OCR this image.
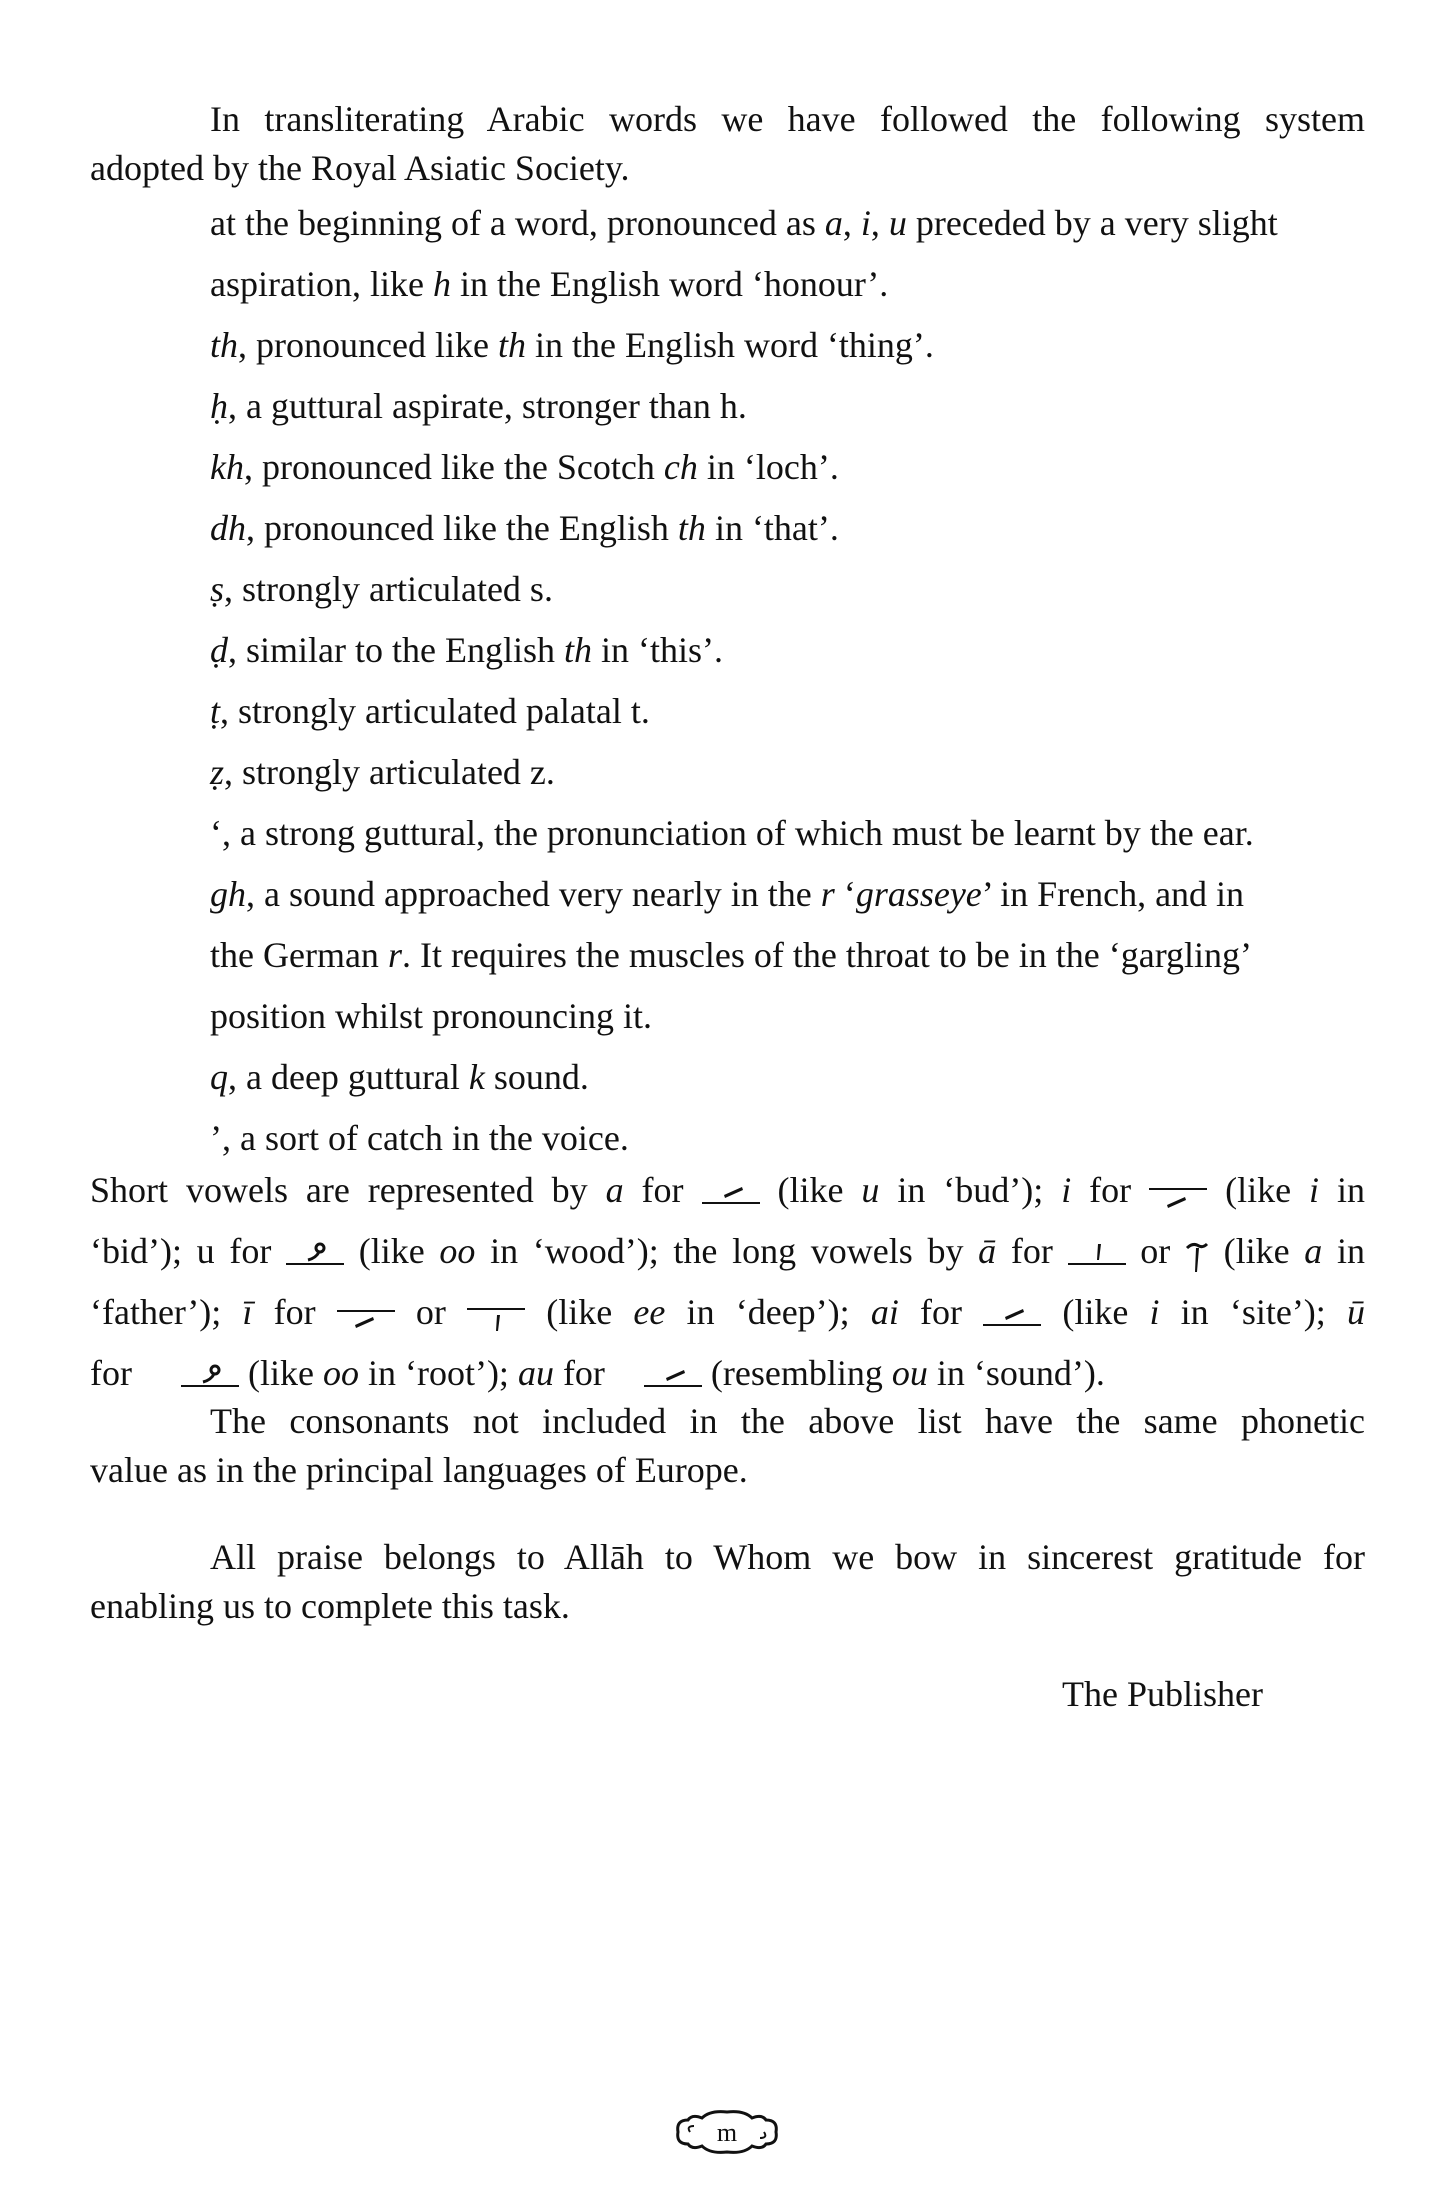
In transliterating Arabic words we have followed the following system
adopted by the Royal Asiatic Society.

at the beginning of a word, pronounced as a, i, u preceded by a very slight
aspiration, like h in the English word ‘honour’.
th, pronounced like th in the English word ‘thing’.
ḥ, a guttural aspirate, stronger than h.
kh, pronounced like the Scotch ch in ‘loch’.
dh, pronounced like the English th in ‘that’.
ṣ, strongly articulated s.
ḍ, similar to the English th in ‘this’.
ṭ, strongly articulated palatal t.
ẓ, strongly articulated z.
‘, a strong guttural, the pronunciation of which must be learnt by the ear.
gh, a sound approached very nearly in the r ‘grasseye’ in French, and in
the German r. It requires the muscles of the throat to be in the ‘gargling’
position whilst pronouncing it.
q, a deep guttural k sound.
’, a sort of catch in the voice.
Short vowels are represented by a for
(like u in ‘bud’); i for
(like i in
‘bid’); u for
(like oo in ‘wood’); the long vowels by ā for
or
(like a in
‘father’); ī for
or
(like ee in ‘deep’); ai for
(like i in ‘site’); ū
for	(like oo in ‘root’); au for
(resembling ou in ‘sound’).

The consonants not included in the above list have the same phonetic
value as in the principal languages of Europe.

All praise belongs to Allāh to Whom we bow in sincerest gratitude for
enabling us to complete this task.

The Publisher
m
